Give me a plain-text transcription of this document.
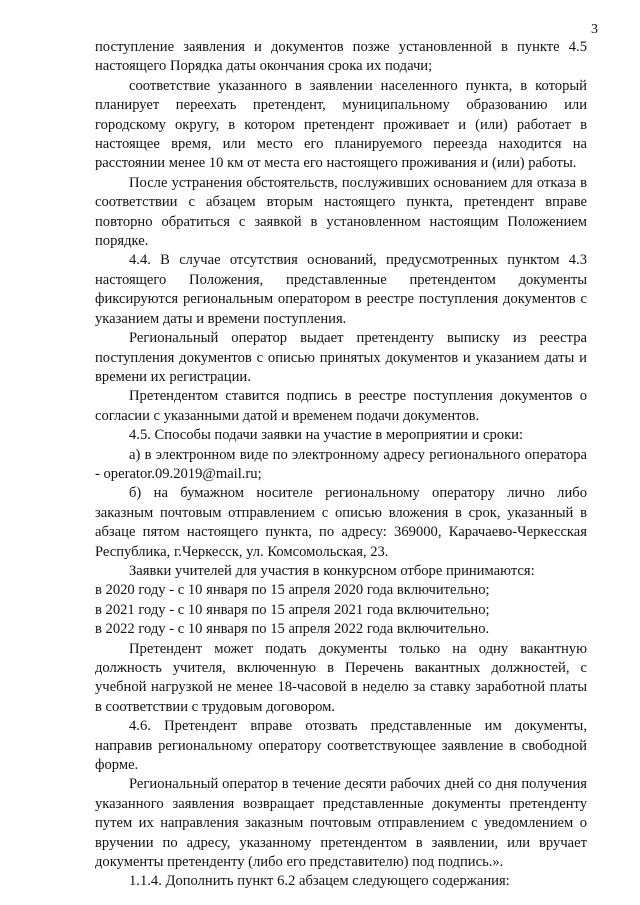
3

поступление заявления и документов позже установленной в пункте 4.5 настоящего Порядка даты окончания срока их подачи;

соответствие указанного в заявлении населенного пункта, в который планирует переехать претендент, муниципальному образованию или городскому округу, в котором претендент проживает и (или) работает в настоящее время, или место его планируемого переезда находится на расстоянии менее 10 км от места его настоящего проживания и (или) работы.

После устранения обстоятельств, послуживших основанием для отказа в соответствии с абзацем вторым настоящего пункта, претендент вправе повторно обратиться с заявкой в установленном настоящим Положением порядке.

4.4. В случае отсутствия оснований, предусмотренных пунктом 4.3 настоящего Положения, представленные претендентом документы фиксируются региональным оператором в реестре поступления документов с указанием даты и времени поступления.

Региональный оператор выдает претенденту выписку из реестра поступления документов с описью принятых документов и указанием даты и времени их регистрации.

Претендентом ставится подпись в реестре поступления документов о согласии с указанными датой и временем подачи документов.

4.5. Способы подачи заявки на участие в мероприятии и сроки:

а) в электронном виде по электронному адресу регионального оператора - operator.09.2019@mail.ru;

б) на бумажном носителе региональному оператору лично либо заказным почтовым отправлением с описью вложения в срок, указанный в абзаце пятом настоящего пункта, по адресу: 369000, Карачаево-Черкесская Республика, г.Черкесск, ул. Комсомольская, 23.

Заявки учителей для участия в конкурсном отборе принимаются:

в 2020 году - с 10 января по 15 апреля 2020 года включительно;

в 2021 году - с 10 января по 15 апреля 2021 года включительно;

в 2022 году - с 10 января по 15 апреля 2022 года включительно.

Претендент может подать документы только на одну вакантную должность учителя, включенную в Перечень вакантных должностей, с учебной нагрузкой не менее 18-часовой в неделю за ставку заработной платы в соответствии с трудовым договором.

4.6. Претендент вправе отозвать представленные им документы, направив региональному оператору соответствующее заявление в свободной форме.

Региональный оператор в течение десяти рабочих дней со дня получения указанного заявления возвращает представленные документы претенденту путем их направления заказным почтовым отправлением с уведомлением о вручении по адресу, указанному претендентом в заявлении, или вручает документы претенденту (либо его представителю) под подпись.».

1.1.4. Дополнить пункт 6.2 абзацем следующего содержания:
